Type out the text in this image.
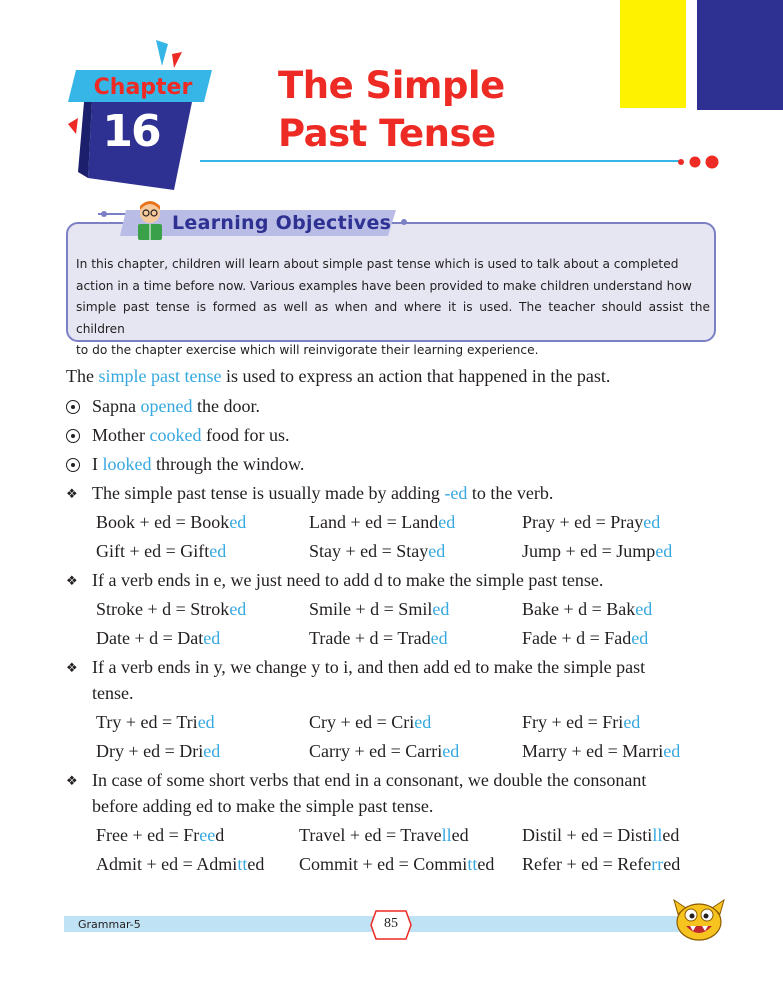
Chapter
16
The Simple
Past Tense
Learning Objectives
In this chapter, children will learn about simple past tense which is used to talk about a completed
action in a time before now. Various examples have been provided to make children understand how
simple past tense is formed as well as when and where it is used. The teacher should assist the children
to do the chapter exercise which will reinvigorate their learning experience.
The simple past tense is used to express an action that happened in the past.
Sapna opened the door.
Mother cooked food for us.
I looked through the window.
❖ The simple past tense is usually made by adding -ed to the verb.
Book + ed = Booked	Land + ed = Landed	Pray + ed = Prayed
Gift + ed = Gifted	Stay + ed = Stayed	Jump + ed = Jumped
❖ If a verb ends in e, we just need to add d to make the simple past tense.
Stroke + d = Stroked	Smile + d = Smiled	Bake + d = Baked
Date + d = Dated	Trade + d = Traded	Fade + d = Faded
❖ If a verb ends in y, we change y to i, and then add ed to make the simple past
tense.
Try + ed = Tried	Cry + ed = Cried	Fry + ed = Fried
Dry + ed = Dried	Carry + ed = Carried	Marry + ed = Married
❖ In case of some short verbs that end in a consonant, we double the consonant
before adding ed to make the simple past tense.
Free + ed = Freed	Travel + ed = Travelled	Distil + ed = Distilled
Admit + ed = Admitted Commit + ed = Committed Refer + ed = Referred
Grammar-5	85
